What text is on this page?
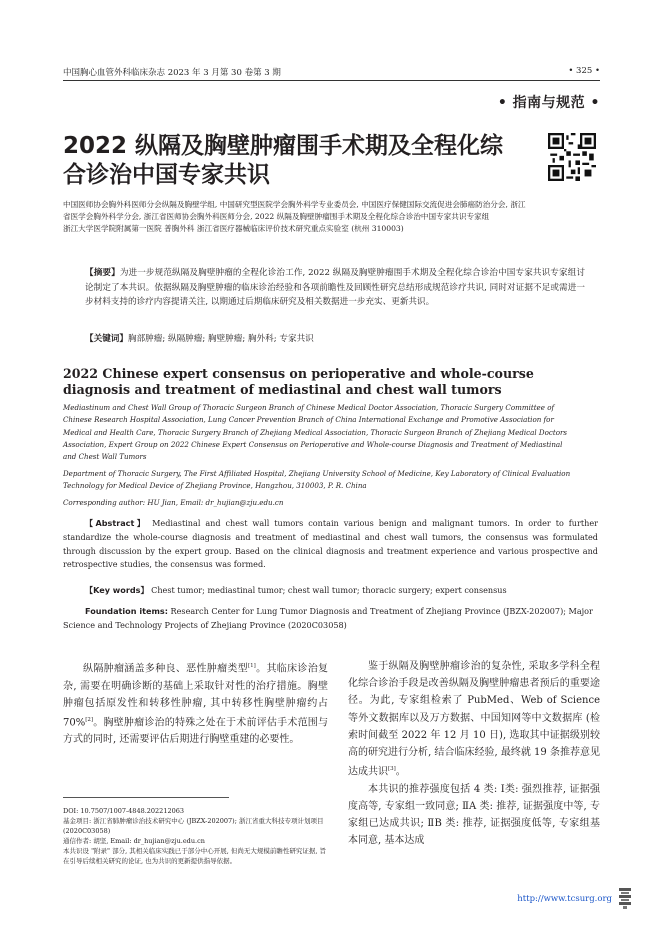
中国胸心血管外科临床杂志 2023 年 3 月第 30 卷第 3 期	• 325 •
• 指南与规范 •
2022 纵隔及胸壁肿瘤围手术期及全程化综合诊治中国专家共识
中国医师协会胸外科医师分会纵隔及胸壁学组, 中国研究型医院学会胸外科学专业委员会, 中国医疗保健国际交流促进会肺癌防治分会, 浙江省医学会胸外科学分会, 浙江省医师协会胸外科医师分会, 2022 纵隔及胸壁肿瘤围手术期及全程化综合诊治中国专家共识专家组
浙江大学医学院附属第一医院 普胸外科 浙江省医疗器械临床评价技术研究重点实验室 (杭州 310003)
【摘要】为进一步规范纵隔及胸壁肿瘤的全程化诊治工作, 2022 纵隔及胸壁肿瘤围手术期及全程化综合诊治中国专家共识专家组讨论制定了本共识。依据纵隔及胸壁肿瘤的临床诊治经验和各项前瞻性及回顾性研究总结形成规范诊疗共识, 同时对证据不足或需进一步材料支持的诊疗内容提请关注, 以期通过后期临床研究及相关数据进一步充实、更新共识。
【关键词】胸部肿瘤; 纵隔肿瘤; 胸壁肿瘤; 胸外科; 专家共识
2022 Chinese expert consensus on perioperative and whole-course diagnosis and treatment of mediastinal and chest wall tumors
Mediastinum and Chest Wall Group of Thoracic Surgeon Branch of Chinese Medical Doctor Association, Thoracic Surgery Committee of Chinese Research Hospital Association, Lung Cancer Prevention Branch of China International Exchange and Promotive Association for Medical and Health Care, Thoracic Surgery Branch of Zhejiang Medical Association, Thoracic Surgeon Branch of Zhejiang Medical Doctors Association, Expert Group on 2022 Chinese Expert Consensus on Perioperative and Whole-course Diagnosis and Treatment of Mediastinal and Chest Wall Tumors
Department of Thoracic Surgery, The First Affiliated Hospital, Zhejiang University School of Medicine, Key Laboratory of Clinical Evaluation Technology for Medical Device of Zhejiang Province, Hangzhou, 310003, P. R. China
Corresponding author: HU Jian, Email: dr_hujian@zju.edu.cn
【Abstract】 Mediastinal and chest wall tumors contain various benign and malignant tumors. In order to further standardize the whole-course diagnosis and treatment of mediastinal and chest wall tumors, the consensus was formulated through discussion by the expert group. Based on the clinical diagnosis and treatment experience and various prospective and retrospective studies, the consensus was formed.
【Key words】 Chest tumor; mediastinal tumor; chest wall tumor; thoracic surgery; expert consensus
Foundation items: Research Center for Lung Tumor Diagnosis and Treatment of Zhejiang Province (JBZX-202007); Major Science and Technology Projects of Zhejiang Province (2020C03058)
纵隔肿瘤涵盖多种良、恶性肿瘤类型[1]。其临床诊治复杂, 需要在明确诊断的基础上采取针对性的治疗措施。胸壁肿瘤包括原发性和转移性肿瘤, 其中转移性胸壁肿瘤约占 70%[2]。胸壁肿瘤诊治的特殊之处在于术前评估手术范围与方式的同时, 还需要评估后期进行胸壁重建的必要性。

鉴于纵隔及胸壁肿瘤诊治的复杂性, 采取多学科全程化综合诊治手段是改善纵隔及胸壁肿瘤患者预后的重要途径。为此, 专家组检索了 PubMed、Web of Science 等外文数据库以及万方数据、中国知网等中文数据库 (检索时间截至 2022 年 12 月 10 日), 选取其中证据级别较高的研究进行分析, 结合临床经验, 最终就 19 条推荐意见达成共识[3]。

本共识的推荐强度包括 4 类: Ⅰ类: 强烈推荐, 证据强度高等, 专家组一致同意; ⅡA 类: 推荐, 证据强度中等, 专家组已达成共识; ⅡB 类: 推荐, 证据强度低等, 专家组基本同意, 基本达成

DOI: 10.7507/1007-4848.202212063
基金项目: 浙江省肺肿瘤诊治技术研究中心 (JBZX-202007); 浙江省重大科技专项计划项目 (2020C03058)
通信作者: 胡坚, Email: dr_hujian@zju.edu.cn
本共识设 "附录" 部分, 其相关临床实践已于部分中心开展, 但尚无大规模前瞻性研究证据, 旨在引导后续相关研究的论证, 也为共识的更新提供指导依据。
http://www.tcsurg.org
